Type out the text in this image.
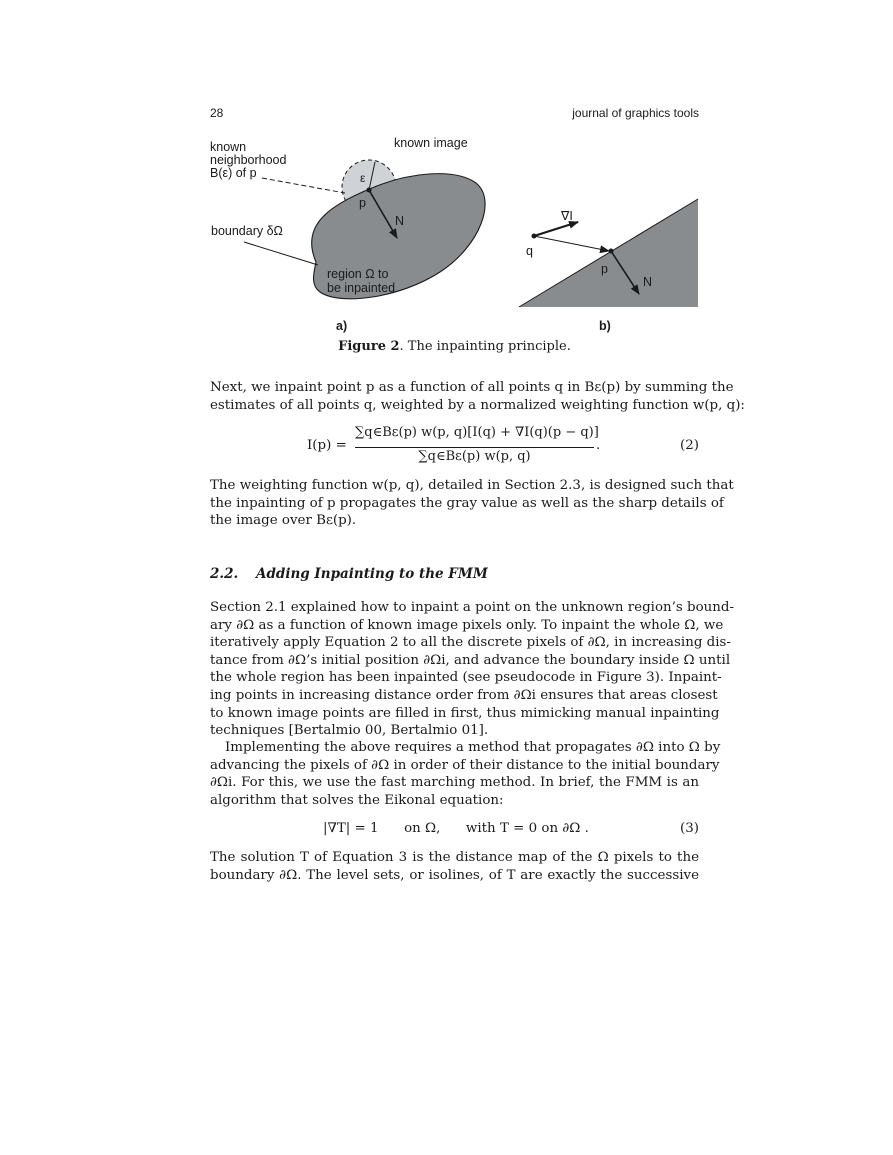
28	journal of graphics tools
known
neighborhood
B(ε) of p
known image
ε
p
N
boundary δΩ
region Ω to
be inpainted
a)
∇I
q
p
N
b)
Figure 2. The inpainting principle.
Next, we inpaint point p as a function of all points q in Bε(p) by summing the
estimates of all points q, weighted by a normalized weighting function w(p, q):
I(p) =
∑q∈Bε(p) w(p, q)[I(q) + ∇I(q)(p − q)]
∑q∈Bε(p) w(p, q)
.	(2)
The weighting function w(p, q), detailed in Section 2.3, is designed such that
the inpainting of p propagates the gray value as well as the sharp details of
the image over Bε(p).
2.2. Adding Inpainting to the FMM
Section 2.1 explained how to inpaint a point on the unknown region’s bound-
ary ∂Ω as a function of known image pixels only. To inpaint the whole Ω, we
iteratively apply Equation 2 to all the discrete pixels of ∂Ω, in increasing dis-
tance from ∂Ω’s initial position ∂Ωi, and advance the boundary inside Ω until
the whole region has been inpainted (see pseudocode in Figure 3). Inpaint-
ing points in increasing distance order from ∂Ωi ensures that areas closest
to known image points are filled in first, thus mimicking manual inpainting
techniques [Bertalmio 00, Bertalmio 01].
Implementing the above requires a method that propagates ∂Ω into Ω by
advancing the pixels of ∂Ω in order of their distance to the initial boundary
∂Ωi. For this, we use the fast marching method. In brief, the FMM is an
algorithm that solves the Eikonal equation:
|∇T| = 1      on Ω,      with T = 0 on ∂Ω .	(3)
The solution T of Equation 3 is the distance map of the Ω pixels to the
boundary ∂Ω. The level sets, or isolines, of T are exactly the successive
